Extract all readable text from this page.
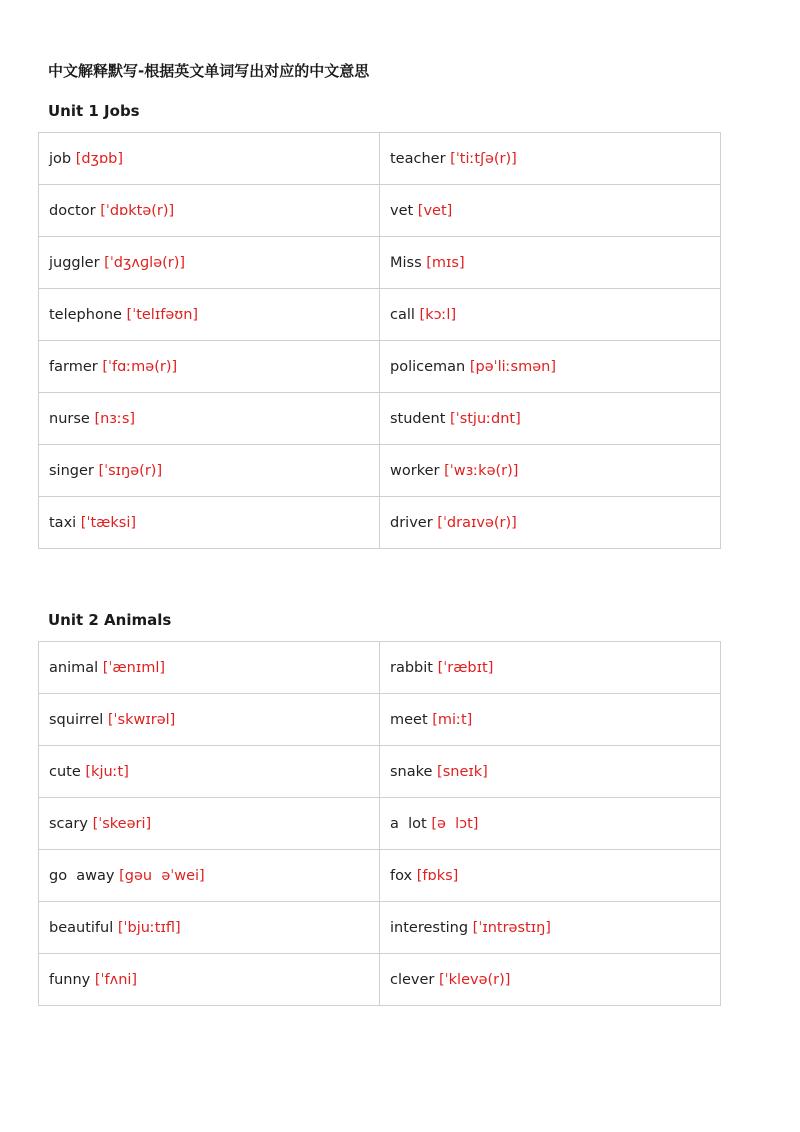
中文解释默写-根据英文单词写出对应的中文意思
Unit 1 Jobs
job [dʒɒb]	teacher [ˈtiːtʃə(r)]
doctor [ˈdɒktə(r)]	vet [vet]
juggler [ˈdʒʌɡlə(r)]	Miss [mɪs]
telephone [ˈtelɪfəʊn]	call [kɔːl]
farmer [ˈfɑːmə(r)]	policeman [pəˈliːsmən]
nurse [nɜːs]	student [ˈstjuːdnt]
singer [ˈsɪŋə(r)]	worker [ˈwɜːkə(r)]
taxi [ˈtæksi]	driver [ˈdraɪvə(r)]
Unit 2 Animals
animal [ˈænɪml]	rabbit [ˈræbɪt]
squirrel [ˈskwɪrəl]	meet [miːt]
cute [kjuːt]	snake [sneɪk]
scary [ˈskeəri]	a  lot [ə  lɔt]
go  away [gəu  əˈwei]	fox [fɒks]
beautiful [ˈbjuːtɪfl]	interesting [ˈɪntrəstɪŋ]
funny [ˈfʌni]	clever [ˈklevə(r)]
